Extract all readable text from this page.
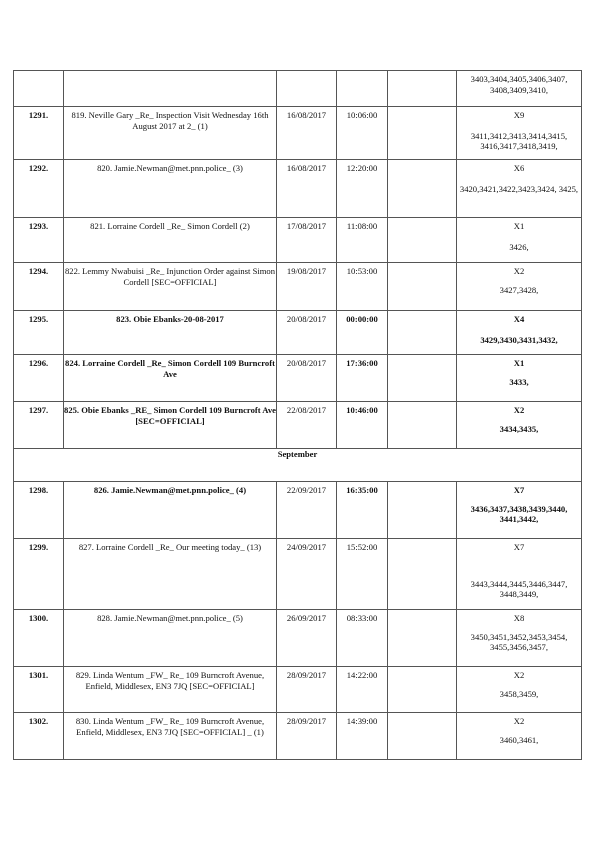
					3403,3404,3405,3406,3407, 3408,3409,3410,

1291.	819. Neville Gary _Re_ Inspection Visit Wednesday 16th August 2017 at 2_ (1)	16/08/2017	10:06:00		X9
3411,3412,3413,3414,3415, 3416,3417,3418,3419,

1292.	820. Jamie.Newman@met.pnn.police_ (3)	16/08/2017	12:20:00		X6
3420,3421,3422,3423,3424, 3425,

1293.	821. Lorraine Cordell _Re_ Simon Cordell (2)	17/08/2017	11:08:00		X1
3426,

1294.	822. Lemmy Nwabuisi _Re_ Injunction Order against Simon Cordell [SEC=OFFICIAL]	19/08/2017	10:53:00		X2
3427,3428,

1295.	823. Obie Ebanks-20-08-2017	20/08/2017	00:00:00		X4
3429,3430,3431,3432,

1296.	824. Lorraine Cordell _Re_ Simon Cordell 109 Burncroft Ave	20/08/2017	17:36:00		X1
3433,

1297.	825. Obie Ebanks _RE_ Simon Cordell 109 Burncroft Ave [SEC=OFFICIAL]	22/08/2017	10:46:00		X2
3434,3435,

September					

1298.	826. Jamie.Newman@met.pnn.police_ (4)	22/09/2017	16:35:00		X7
3436,3437,3438,3439,3440, 3441,3442,

1299.	827. Lorraine Cordell _Re_ Our meeting today_ (13)	24/09/2017	15:52:00		X7
3443,3444,3445,3446,3447, 3448,3449,

1300.	828. Jamie.Newman@met.pnn.police_ (5)	26/09/2017	08:33:00		X8
3450,3451,3452,3453,3454, 3455,3456,3457,

1301.	829. Linda Wentum _FW_ Re_ 109 Burncroft Avenue, Enfield, Middlesex, EN3 7JQ [SEC=OFFICIAL]	28/09/2017	14:22:00		X2
3458,3459,

1302.	830. Linda Wentum _FW_ Re_ 109 Burncroft Avenue, Enfield, Middlesex, EN3 7JQ [SEC=OFFICIAL] _ (1)	28/09/2017	14:39:00		X2
3460,3461,
